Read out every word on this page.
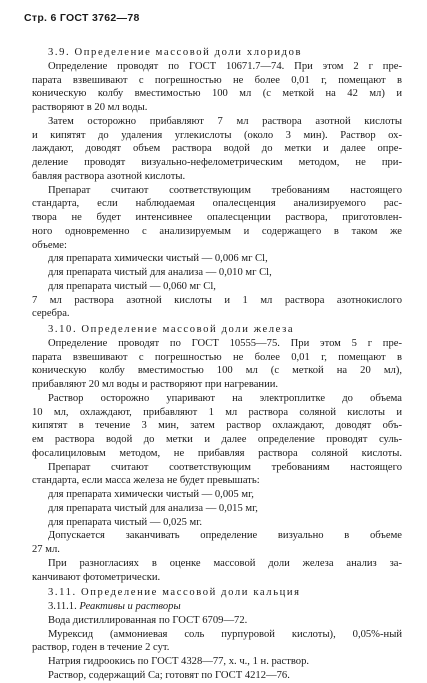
Стр. 6 ГОСТ 3762—78
3.9. Определение массовой доли хлоридов
Определение проводят по ГОСТ 10671.7—74. При этом 2 г пре-
парата взвешивают с погрешностью не более 0,01 г, помещают в
коническую колбу вместимостью 100 мл (с меткой на 42 мл) и
растворяют в 20 мл воды.
Затем осторожно прибавляют 7 мл раствора азотной кислоты
и кипятят до удаления углекислоты (около 3 мин). Раствор ох-
лаждают, доводят объем раствора водой до метки и далее опре-
деление проводят визуально-нефелометрическим методом, не при-
бавляя раствора азотной кислоты.
Препарат считают соответствующим требованиям настоящего
стандарта, если наблюдаемая опалесценция анализируемого рас-
твора не будет интенсивнее опалесценции раствора, приготовлен-
ного одновременно с анализируемым и содержащего в таком же
объеме:
для препарата химически чистый — 0,006 мг Cl,
для препарата чистый для анализа — 0,010 мг Cl,
для препарата чистый — 0,060 мг Cl,
7 мл раствора азотной кислоты и 1 мл раствора азотнокислого
серебра.
3.10. Определение массовой доли железа
Определение проводят по ГОСТ 10555—75. При этом 5 г пре-
парата взвешивают с погрешностью не более 0,01 г, помещают в
коническую колбу вместимостью 100 мл (с меткой на 20 мл),
прибавляют 20 мл воды и растворяют при нагревании.
Раствор осторожно упаривают на электроплитке до объема
10 мл, охлаждают, прибавляют 1 мл раствора соляной кислоты и
кипятят в течение 3 мин, затем раствор охлаждают, доводят объ-
ем раствора водой до метки и далее определение проводят суль-
фосалициловым методом, не прибавляя раствора соляной кислоты.
Препарат считают соответствующим требованиям настоящего
стандарта, если масса железа не будет превышать:
для препарата химически чистый — 0,005 мг,
для препарата чистый для анализа — 0,015 мг,
для препарата чистый — 0,025 мг.
Допускается заканчивать определение визуально в объеме
27 мл.
При разногласиях в оценке массовой доли железа анализ за-
канчивают фотометрически.
3.11. Определение массовой доли кальция
3.11.1. Реактивы и растворы
Вода дистиллированная по ГОСТ 6709—72.
Мурексид (аммониевая соль пурпуровой кислоты), 0,05%-ный
раствор, годен в течение 2 сут.
Натрия гидроокись по ГОСТ 4328—77, х. ч., 1 н. раствор.
Раствор, содержащий Ca; готовят по ГОСТ 4212—76.
